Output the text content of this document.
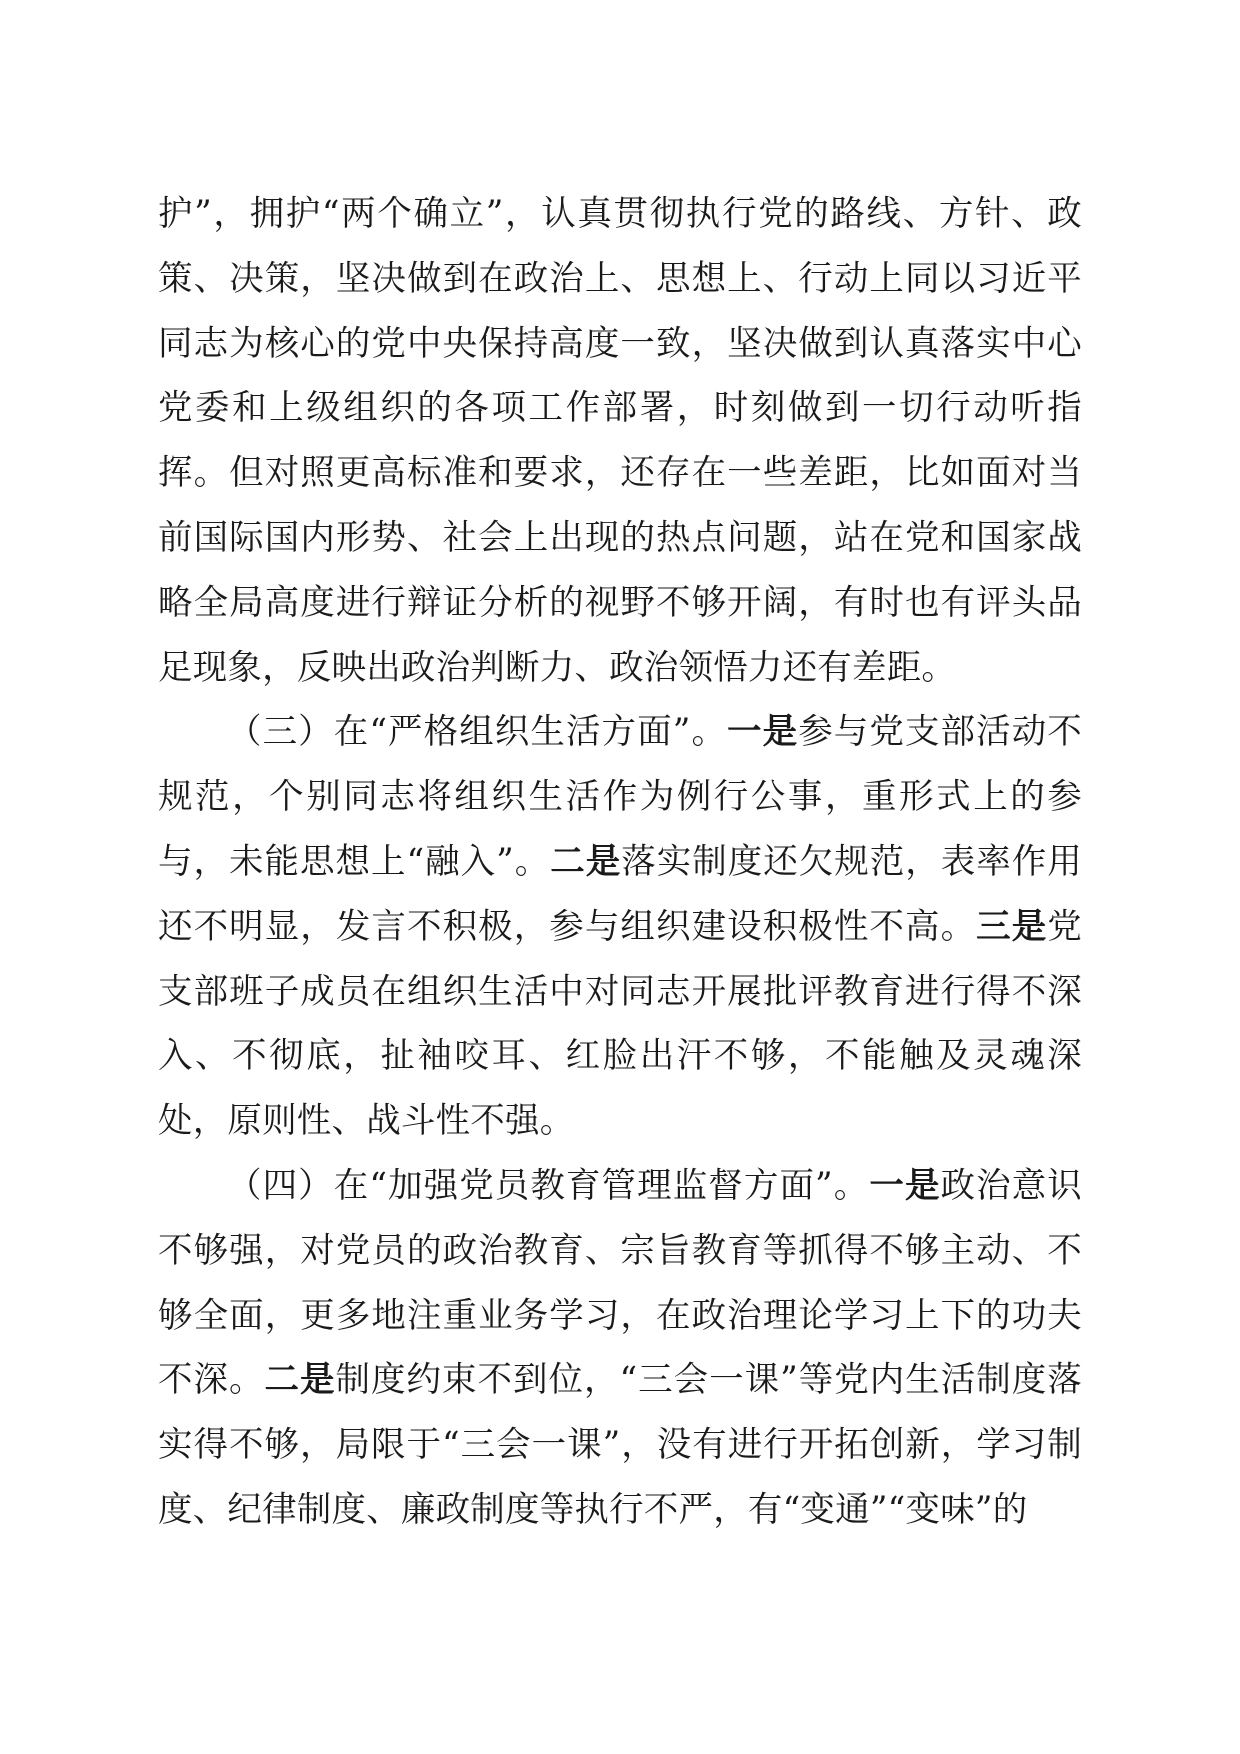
护”，拥护“两个确立”，认真贯彻执行党的路线、方针、政策、决策，坚决做到在政治上、思想上、行动上同以习近平同志为核心的党中央保持高度一致，坚决做到认真落实中心党委和上级组织的各项工作部署，时刻做到一切行动听指挥。但对照更高标准和要求，还存在一些差距，比如面对当前国际国内形势、社会上出现的热点问题，站在党和国家战略全局高度进行辩证分析的视野不够开阔，有时也有评头品足现象，反映出政治判断力、政治领悟力还有差距。

（三）在“严格组织生活方面”。一是参与党支部活动不规范，个别同志将组织生活作为例行公事，重形式上的参与，未能思想上“融入”。二是落实制度还欠规范，表率作用还不明显，发言不积极，参与组织建设积极性不高。三是党支部班子成员在组织生活中对同志开展批评教育进行得不深入、不彻底，扯袖咬耳、红脸出汗不够，不能触及灵魂深处，原则性、战斗性不强。

（四）在“加强党员教育管理监督方面”。一是政治意识不够强，对党员的政治教育、宗旨教育等抓得不够主动、不够全面，更多地注重业务学习，在政治理论学习上下的功夫不深。二是制度约束不到位，“三会一课”等党内生活制度落实得不够，局限于“三会一课”，没有进行开拓创新，学习制度、纪律制度、廉政制度等执行不严，有“变通”“变味”的
